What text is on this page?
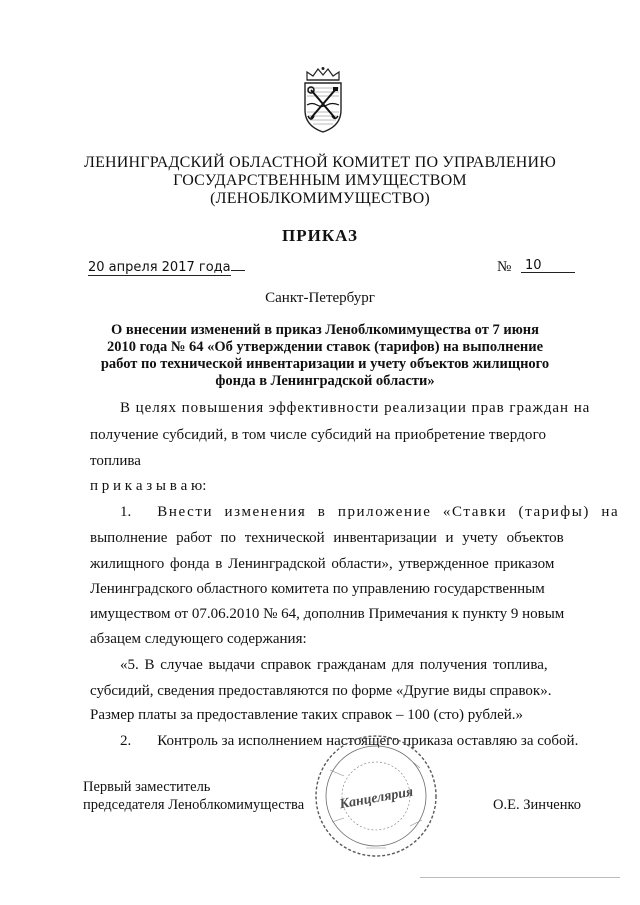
ЛЕНИНГРАДСКИЙ ОБЛАСТНОЙ КОМИТЕТ ПО УПРАВЛЕНИЮ
ГОСУДАРСТВЕННЫМ ИМУЩЕСТВОМ
(ЛЕНОБЛКОМИМУЩЕСТВО)
ПРИКАЗ
20 апреля 2017 года	№	10
Санкт-Петербург
О внесении изменений в приказ Леноблкомимущества от 7 июня 2010 года № 64 «Об утверждении ставок (тарифов) на выполнение работ по технической инвентаризации и учету объектов жилищного фонда в Ленинградской области»
В целях повышения эффективности реализации прав граждан на
получение субсидий, в том числе субсидий на приобретение твердого
топлива
п р и к а з ы в а ю:
1. Внести изменения в приложение «Ставки (тарифы) на
выполнение работ по технической инвентаризации и учету объектов
жилищного фонда в Ленинградской области», утвержденное приказом
Ленинградского областного комитета по управлению государственным
имуществом от 07.06.2010 № 64, дополнив Примечания к пункту 9 новым
абзацем следующего содержания:
«5. В случае выдачи справок гражданам для получения топлива,
субсидий, сведения предоставляются по форме «Другие виды справок».
Размер платы за предоставление таких справок – 100 (сто) рублей.»
2. Контроль за исполнением настоящего приказа оставляю за собой.
Первый заместитель
председателя Леноблкомимущества	О.Е. Зинченко
Канцелярия
